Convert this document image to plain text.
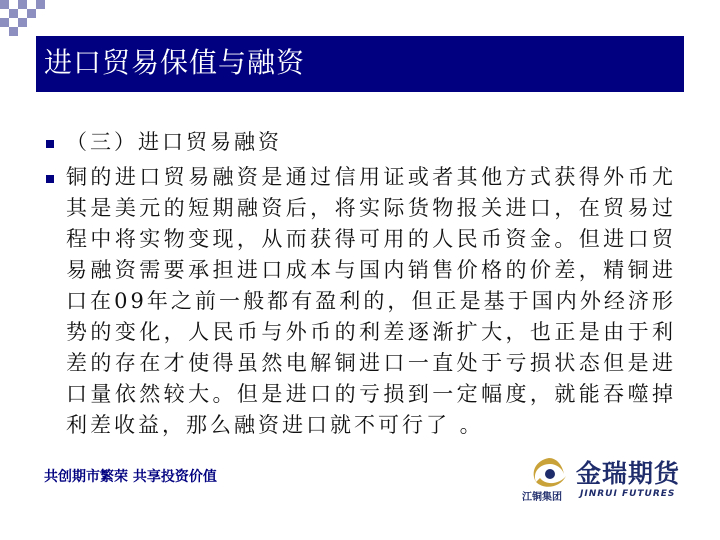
进口贸易保值与融资
（三）进口贸易融资
铜的进口贸易融资是通过信用证或者其他方式获得外币尤其是美元的短期融资后，将实际货物报关进口，在贸易过程中将实物变现，从而获得可用的人民币资金。但进口贸易融资需要承担进口成本与国内销售价格的价差，精铜进口在09年之前一般都有盈利的，但正是基于国内外经济形势的变化，人民币与外币的利差逐渐扩大，也正是由于利差的存在才使得虽然电解铜进口一直处于亏损状态但是进口量依然较大。但是进口的亏损到一定幅度，就能吞噬掉利差收益，那么融资进口就不可行了 。
共创期市繁荣 共享投资价值	金瑞期货
江铜集团 JINRUI FUTURES
